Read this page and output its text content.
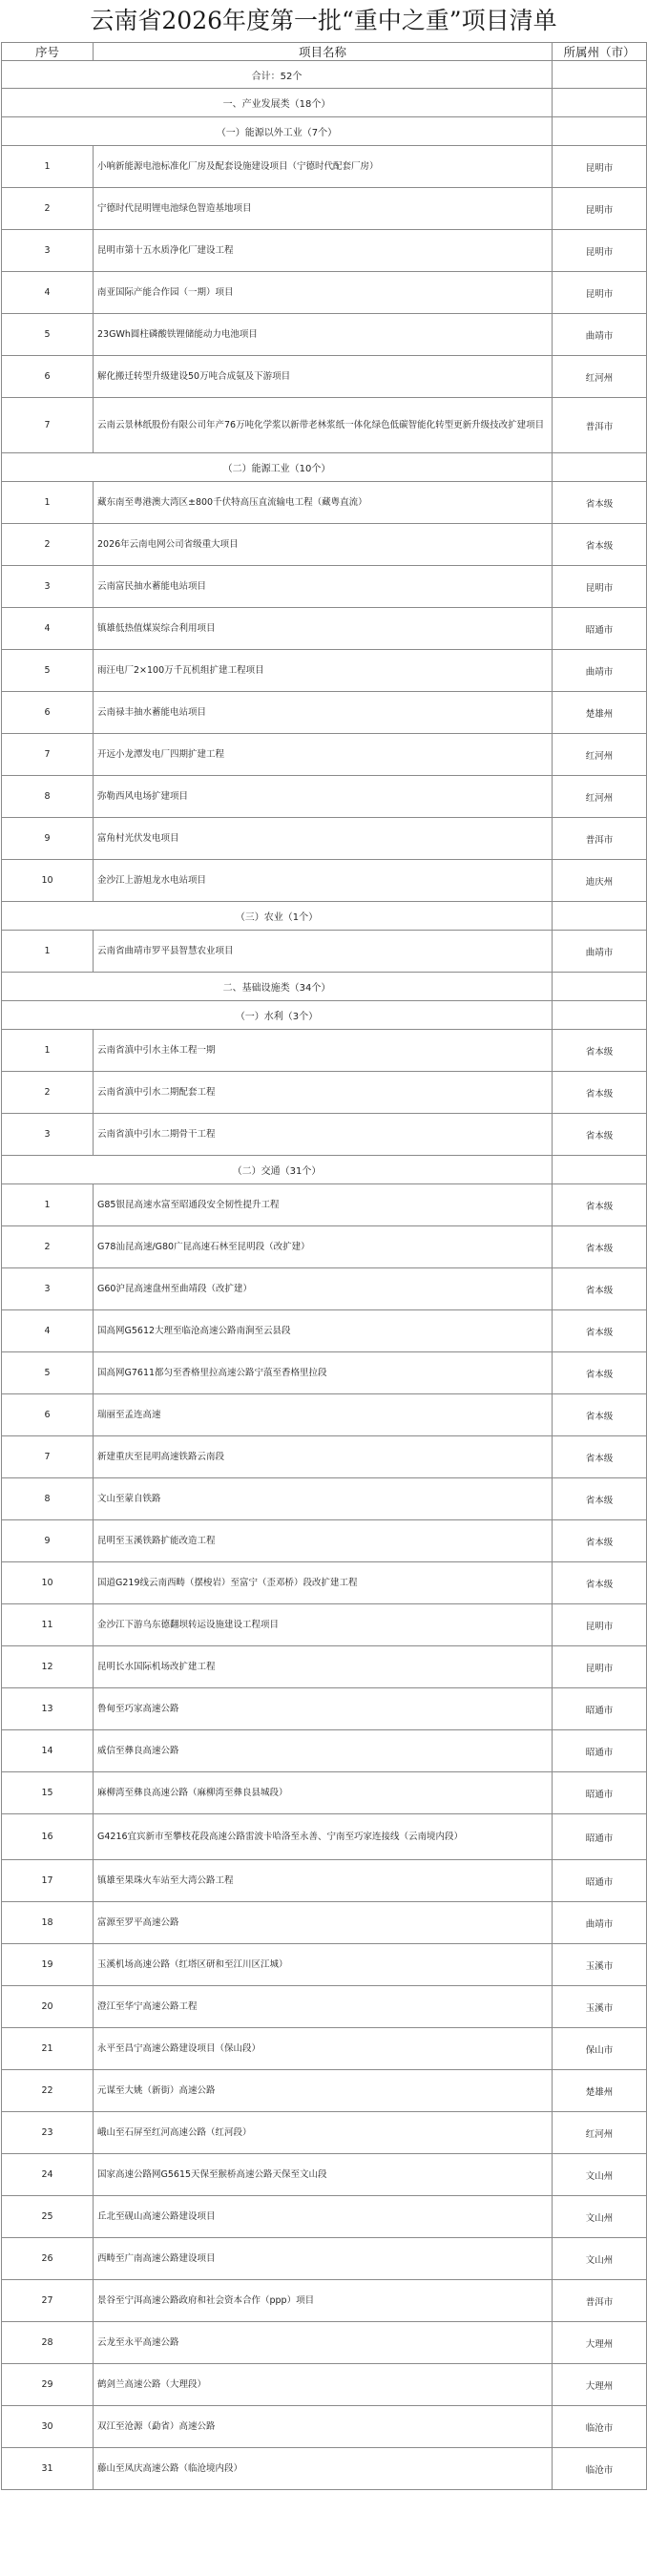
云南省2026年度第一批“重中之重”项目清单
序号	项目名称	所属州（市）
合计：52个		
一、产业发展类（18个）		
（一）能源以外工业（7个）		
1	小响新能源电池标准化厂房及配套设施建设项目（宁德时代配套厂房）	昆明市
2	宁德时代昆明锂电池绿色智造基地项目	昆明市
3	昆明市第十五水质净化厂建设工程	昆明市
4	南亚国际产能合作园（一期）项目	昆明市
5	23GWh圆柱磷酸铁锂储能动力电池项目	曲靖市
6	解化搬迁转型升级建设50万吨合成氨及下游项目	红河州
7	云南云景林纸股份有限公司年产76万吨化学浆以新带老林浆纸一体化绿色低碳智能化转型更新升级技改扩建项目	普洱市
（二）能源工业（10个）		
1	藏东南至粤港澳大湾区±800千伏特高压直流输电工程（藏粤直流）	省本级
2	2026年云南电网公司省级重大项目	省本级
3	云南富民抽水蓄能电站项目	昆明市
4	镇雄低热值煤炭综合利用项目	昭通市
5	雨汪电厂2×100万千瓦机组扩建工程项目	曲靖市
6	云南禄丰抽水蓄能电站项目	楚雄州
7	开远小龙潭发电厂四期扩建工程	红河州
8	弥勒西风电场扩建项目	红河州
9	富角村光伏发电项目	普洱市
10	金沙江上游旭龙水电站项目	迪庆州
（三）农业（1个）		
1	云南省曲靖市罗平县智慧农业项目	曲靖市
二、基础设施类（34个）		
（一）水利（3个）		
1	云南省滇中引水主体工程一期	省本级
2	云南省滇中引水二期配套工程	省本级
3	云南省滇中引水二期骨干工程	省本级
（二）交通（31个）		
1	G85银昆高速水富至昭通段安全韧性提升工程	省本级
2	G78汕昆高速/G80广昆高速石林至昆明段（改扩建）	省本级
3	G60沪昆高速盘州至曲靖段（改扩建）	省本级
4	国高网G5612大理至临沧高速公路南涧至云县段	省本级
5	国高网G7611都匀至香格里拉高速公路宁蒗至香格里拉段	省本级
6	瑞丽至孟连高速	省本级
7	新建重庆至昆明高速铁路云南段	省本级
8	文山至蒙自铁路	省本级
9	昆明至玉溪铁路扩能改造工程	省本级
10	国道G219线云南西畴（摆梭岩）至富宁（歪邓桥）段改扩建工程	省本级
11	金沙江下游乌东德翻坝转运设施建设工程项目	昆明市
12	昆明长水国际机场改扩建工程	昆明市
13	鲁甸至巧家高速公路	昭通市
14	威信至彝良高速公路	昭通市
15	麻柳湾至彝良高速公路（麻柳湾至彝良县城段）	昭通市
16	G4216宜宾新市至攀枝花段高速公路雷波卡哈洛至永善、宁南至巧家连接线（云南境内段）	昭通市
17	镇雄至果珠火车站至大湾公路工程	昭通市
18	富源至罗平高速公路	曲靖市
19	玉溪机场高速公路（红塔区研和至江川区江城）	玉溪市
20	澄江至华宁高速公路工程	玉溪市
21	永平至昌宁高速公路建设项目（保山段）	保山市
22	元谋至大姚（新街）高速公路	楚雄州
23	峨山至石屏至红河高速公路（红河段）	红河州
24	国家高速公路网G5615天保至猴桥高速公路天保至文山段	文山州
25	丘北至砚山高速公路建设项目	文山州
26	西畴至广南高速公路建设项目	文山州
27	景谷至宁洱高速公路政府和社会资本合作（ppp）项目	普洱市
28	云龙至永平高速公路	大理州
29	鹤剑兰高速公路（大理段）	大理州
30	双江至沧源（勐省）高速公路	临沧市
31	藤山至凤庆高速公路（临沧境内段）	临沧市
